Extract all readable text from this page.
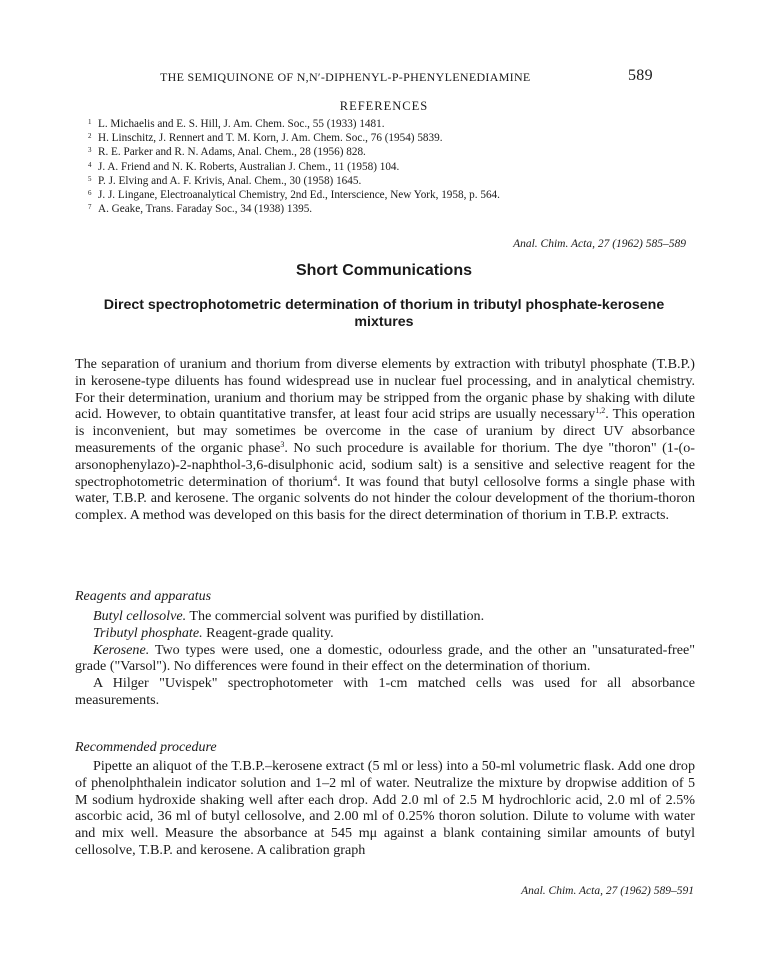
THE SEMIQUINONE OF N,N′-DIPHENYL-P-PHENYLENEDIAMINE	589
REFERENCES
$^1$ L. Michaelis and E. S. Hill, J. Am. Chem. Soc., 55 (1933) 1481.
$^2$ H. Linschitz, J. Rennert and T. M. Korn, J. Am. Chem. Soc., 76 (1954) 5839.
$^3$ R. E. Parker and R. N. Adams, Anal. Chem., 28 (1956) 828.
$^4$ J. A. Friend and N. K. Roberts, Australian J. Chem., 11 (1958) 104.
$^5$ P. J. Elving and A. F. Krivis, Anal. Chem., 30 (1958) 1645.
$^6$ J. J. Lingane, Electroanalytical Chemistry, 2nd Ed., Interscience, New York, 1958, p. 564.
$^7$ A. Geake, Trans. Faraday Soc., 34 (1938) 1395.
Anal. Chim. Acta, 27 (1962) 585–589
Short Communications
Direct spectrophotometric determination of thorium in tributyl phosphate-kerosene mixtures
The separation of uranium and thorium from diverse elements by extraction with tributyl phosphate (T.B.P.) in kerosene-type diluents has found widespread use in nuclear fuel processing, and in analytical chemistry. For their determination, uranium and thorium may be stripped from the organic phase by shaking with dilute acid. However, to obtain quantitative transfer, at least four acid strips are usually necessary$^{1,2}$. This operation is inconvenient, but may sometimes be overcome in the case of uranium by direct UV absorbance measurements of the organic phase$^3$. No such procedure is available for thorium. The dye "thoron" (1-(o-arsonophenylazo)-2-naphthol-3,6-disulphonic acid, sodium salt) is a sensitive and selective reagent for the spectrophotometric determination of thorium$^4$. It was found that butyl cellosolve forms a single phase with water, T.B.P. and kerosene. The organic solvents do not hinder the colour development of the thorium-thoron complex. A method was developed on this basis for the direct determination of thorium in T.B.P. extracts.
Reagents and apparatus
Butyl cellosolve. The commercial solvent was purified by distillation.
Tributyl phosphate. Reagent-grade quality.
Kerosene. Two types were used, one a domestic, odourless grade, and the other an "unsaturated-free" grade ("Varsol"). No differences were found in their effect on the determination of thorium.
A Hilger "Uvispek" spectrophotometer with 1-cm matched cells was used for all absorbance measurements.
Recommended procedure
Pipette an aliquot of the T.B.P.–kerosene extract (5 ml or less) into a 50-ml volumetric flask. Add one drop of phenolphthalein indicator solution and 1–2 ml of water. Neutralize the mixture by dropwise addition of 5 M sodium hydroxide shaking well after each drop. Add 2.0 ml of 2.5 M hydrochloric acid, 2.0 ml of 2.5% ascorbic acid, 36 ml of butyl cellosolve, and 2.00 ml of 0.25% thoron solution. Dilute to volume with water and mix well. Measure the absorbance at 545 mμ against a blank containing similar amounts of butyl cellosolve, T.B.P. and kerosene. A calibration graph
Anal. Chim. Acta, 27 (1962) 589–591
